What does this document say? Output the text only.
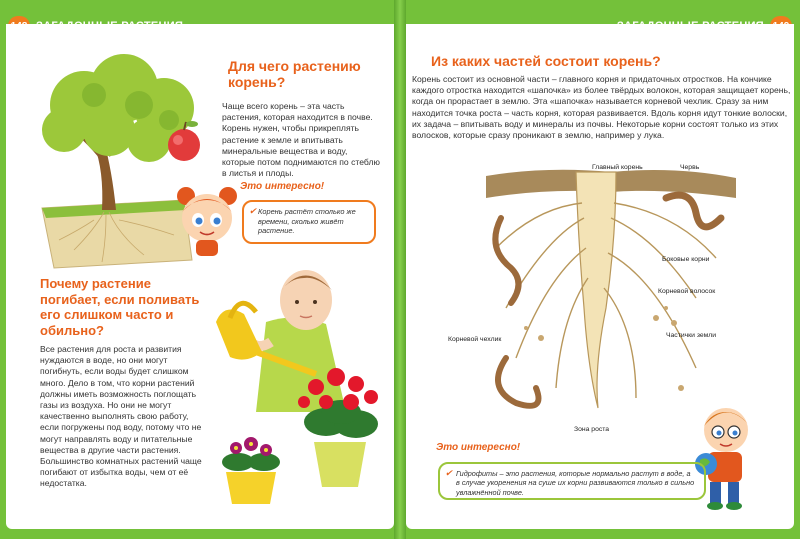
Для чего растению корень?
Чаще всего корень – эта часть растения, которая находится в почве. Корень нужен, чтобы прикреплять растение к земле и впитывать минеральные вещества и воду, которые потом поднимаются по стеблю в листья и плоды.
Это интересно!
✔ Корень растёт столько же времени, сколько живёт растение.
Почему растение погибает, если поливать его слишком часто и обильно?
Все растения для роста и развития нуждаются в воде, но они могут погибнуть, если воды будет слишком много. Дело в том, что корни растений должны иметь возможность поглощать газы из воздуха. Но они не могут качественно выполнять свою работу, если погружены под воду, потому что не могут направлять воду и питательные вещества в другие части растения. Большинство комнатных растений чаще погибают от избытка воды, чем от её недостатка.
Из каких частей состоит корень?
Корень состоит из основной части – главного корня и придаточных отростков. На кончике каждого отростка находится «шапочка» из более твёрдых волокон, которая защищает корень, когда он прорастает в землю. Эта «шапочка» называется корневой чехлик. Сразу за ним находится точка роста – часть корня, которая развивается. Вдоль корня идут тонкие волоски, их задача – впитывать воду и минералы из почвы. Некоторые корни состоят только из этих волосков, которые сразу проникают в землю, например у лука.
Главный корень	Червь
Боковые корни
Корневой волосок
Корневой чехлик
Частички земли
Зона роста
Это интересно!
✔ Гидрофиты – это растения, которые нормально растут в воде, а в случае укоренения на суше их корни развиваются только в сильно увлажнённой почве.
